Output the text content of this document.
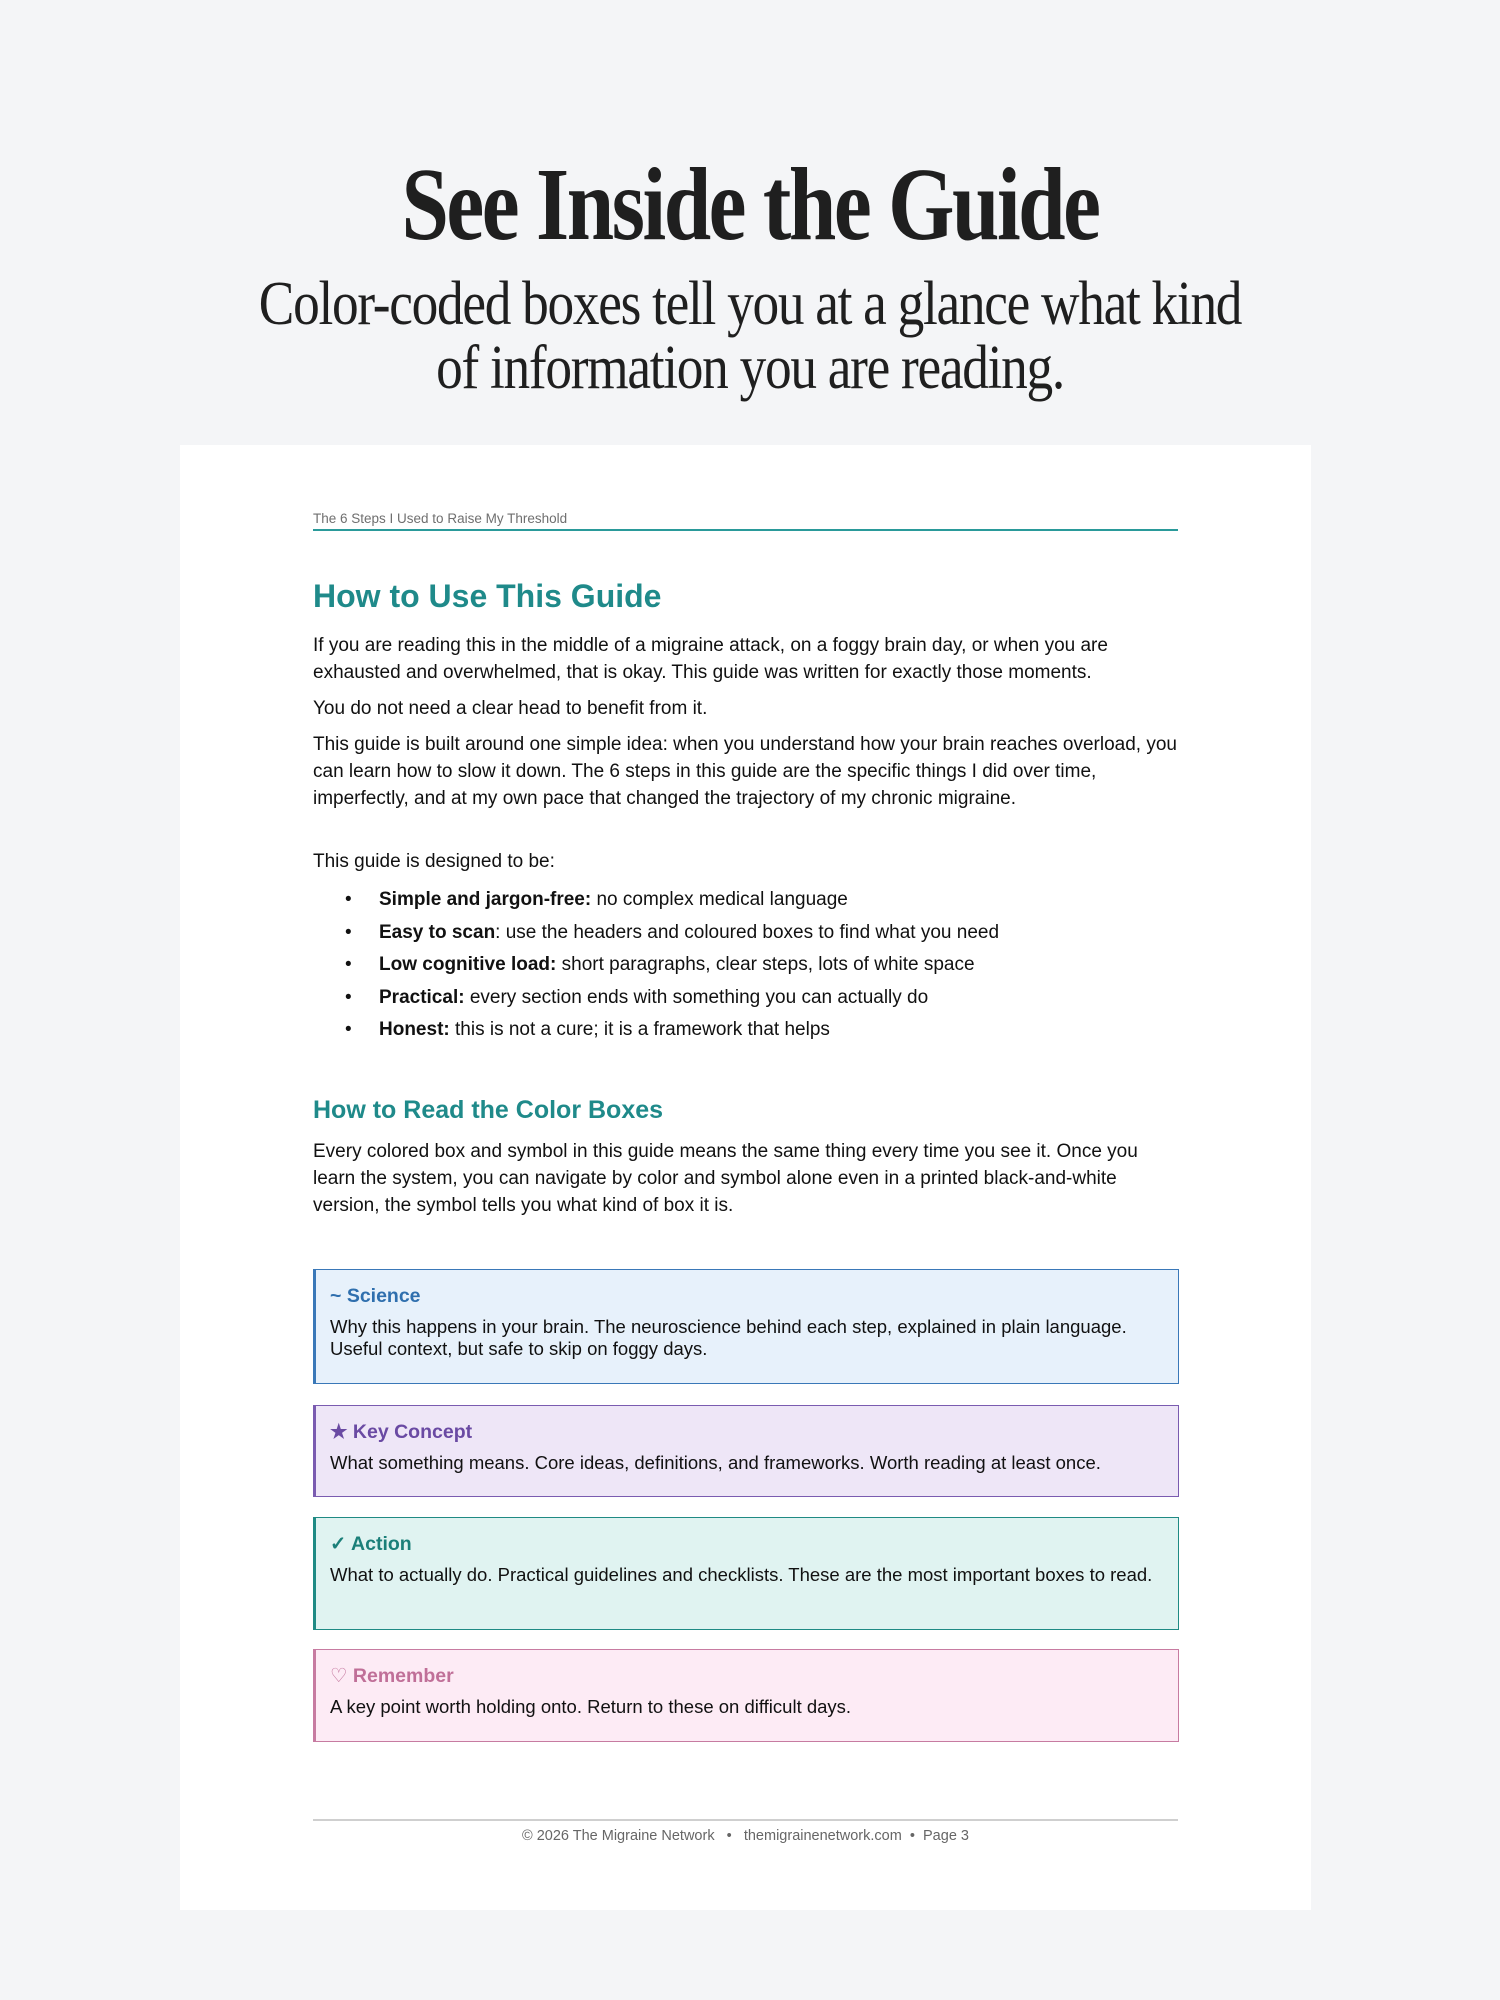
See Inside the Guide
Color-coded boxes tell you at a glance what kind
of information you are reading.
The 6 Steps I Used to Raise My Threshold
How to Use This Guide

If you are reading this in the middle of a migraine attack, on a foggy brain day, or when you are exhausted and overwhelmed, that is okay. This guide was written for exactly those moments.

You do not need a clear head to benefit from it.

This guide is built around one simple idea: when you understand how your brain reaches overload, you can learn how to slow it down. The 6 steps in this guide are the specific things I did over time, imperfectly, and at my own pace that changed the trajectory of my chronic migraine.

This guide is designed to be:

• Simple and jargon-free: no complex medical language
• Easy to scan: use the headers and coloured boxes to find what you need
• Low cognitive load: short paragraphs, clear steps, lots of white space
• Practical: every section ends with something you can actually do
• Honest: this is not a cure; it is a framework that helps
How to Read the Color Boxes

Every colored box and symbol in this guide means the same thing every time you see it. Once you learn the system, you can navigate by color and symbol alone even in a printed black-and-white version, the symbol tells you what kind of box it is.

~ Science

Why this happens in your brain. The neuroscience behind each step, explained in plain language. Useful context, but safe to skip on foggy days.

★ Key Concept

What something means. Core ideas, definitions, and frameworks. Worth reading at least once.

✓ Action

What to actually do. Practical guidelines and checklists. These are the most important boxes to read.

♡ Remember

A key point worth holding onto. Return to these on difficult days.

© 2026 The Migraine Network • themigrainenetwork.com • Page 3
